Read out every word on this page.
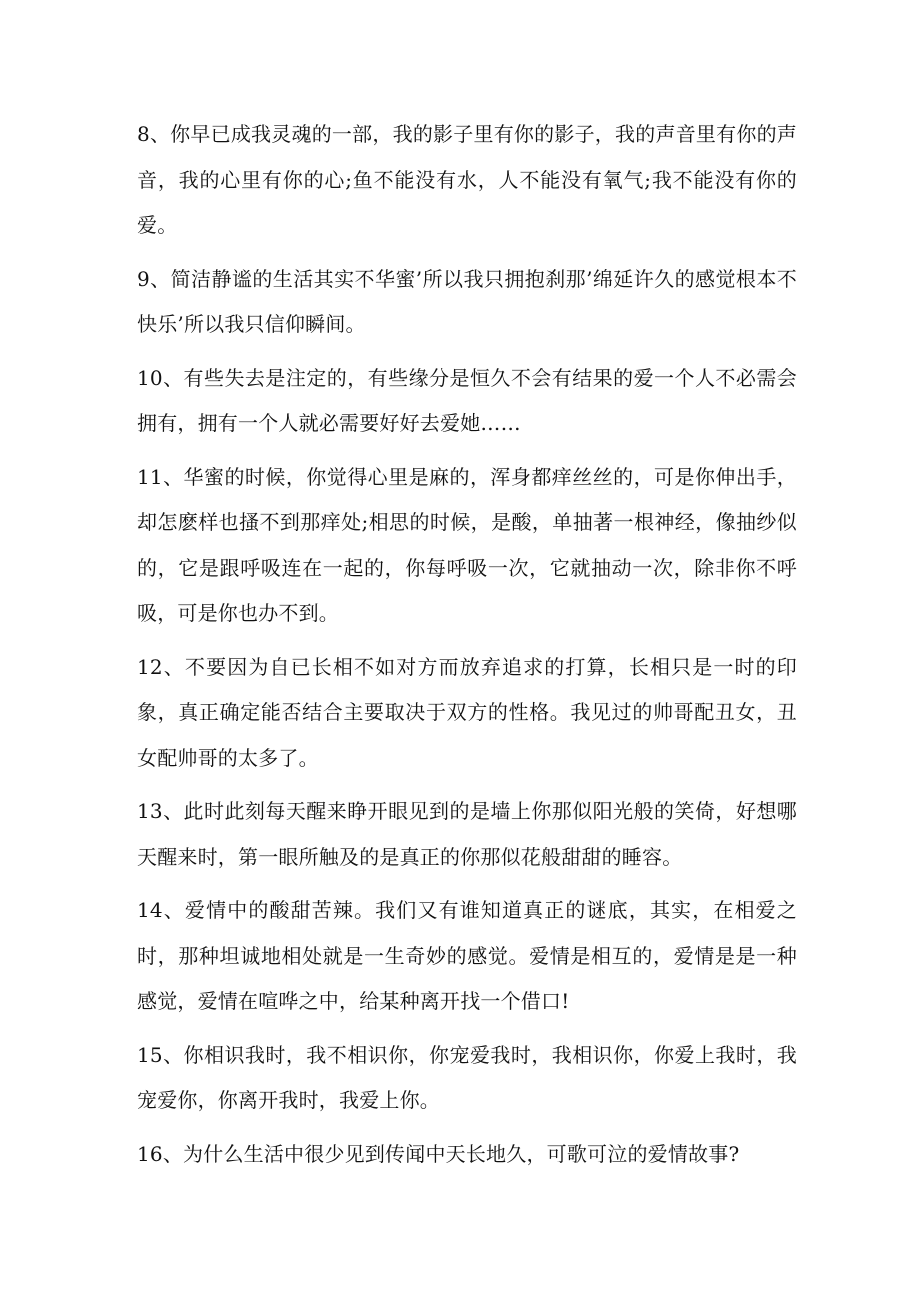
8、你早已成我灵魂的一部，我的影子里有你的影子，我的声音里有你的声音，我的心里有你的心;鱼不能没有水，人不能没有氧气;我不能没有你的爱。

9、简洁静谧的生活其实不华蜜’所以我只拥抱刹那’绵延许久的感觉根本不快乐’所以我只信仰瞬间。

10、有些失去是注定的，有些缘分是恒久不会有结果的爱一个人不必需会拥有，拥有一个人就必需要好好去爱她……

11、华蜜的时候，你觉得心里是麻的，浑身都痒丝丝的，可是你伸出手，却怎麽样也搔不到那痒处;相思的时候，是酸，单抽著一根神经，像抽纱似的，它是跟呼吸连在一起的，你每呼吸一次，它就抽动一次，除非你不呼吸，可是你也办不到。

12、不要因为自已长相不如对方而放弃追求的打算，长相只是一时的印象，真正确定能否结合主要取决于双方的性格。我见过的帅哥配丑女，丑女配帅哥的太多了。

13、此时此刻每天醒来睁开眼见到的是墙上你那似阳光般的笑倚，好想哪天醒来时，第一眼所触及的是真正的你那似花般甜甜的睡容。

14、爱情中的酸甜苦辣。我们又有谁知道真正的谜底，其实，在相爱之时，那种坦诚地相处就是一生奇妙的感觉。爱情是相互的，爱情是是一种感觉，爱情在喧哗之中，给某种离开找一个借口!

15、你相识我时，我不相识你，你宠爱我时，我相识你，你爱上我时，我宠爱你，你离开我时，我爱上你。

16、为什么生活中很少见到传闻中天长地久，可歌可泣的爱情故事?
